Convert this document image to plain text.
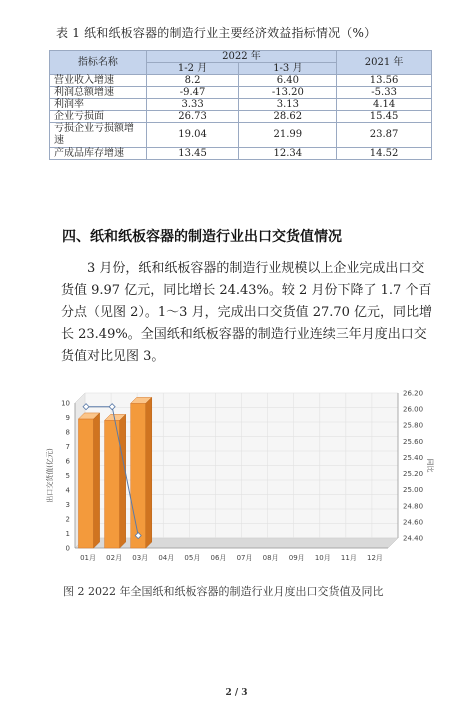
表 1 纸和纸板容器的制造行业主要经济效益指标情况（%）
指标名称	2022 年		2021 年
	1-2 月	1-3 月	
营业收入增速	8.2	6.40	13.56
利润总额增速	-9.47	-13.20	-5.33
利润率	3.33	3.13	4.14
企业亏损面	26.73	28.62	15.45
亏损企业亏损额增速	19.04	21.99	23.87
产成品库存增速	13.45	12.34	14.52
四、纸和纸板容器的制造行业出口交货值情况

3 月份，纸和纸板容器的制造行业规模以上企业完成出口交货值 9.97 亿元，同比增长 24.43%。较 2 月份下降了 1.7 个百分点（见图 2）。1～3 月，完成出口交货值 27.70 亿元，同比增长 23.49%。全国纸和纸板容器的制造行业连续三年月度出口交货值对比见图 3。

0
1
2
3
4
5
6
7
8
9
10
24.40
24.60
24.80
25.00
25.20
25.40
25.60
25.80
26.00
26.20
01月 02月 03月 04月 05月 06月 07月 08月 09月 10月 11月 12月
出口交货值(亿元)	同比
图 2 2022 年全国纸和纸板容器的制造行业月度出口交货值及同比
2 / 3
